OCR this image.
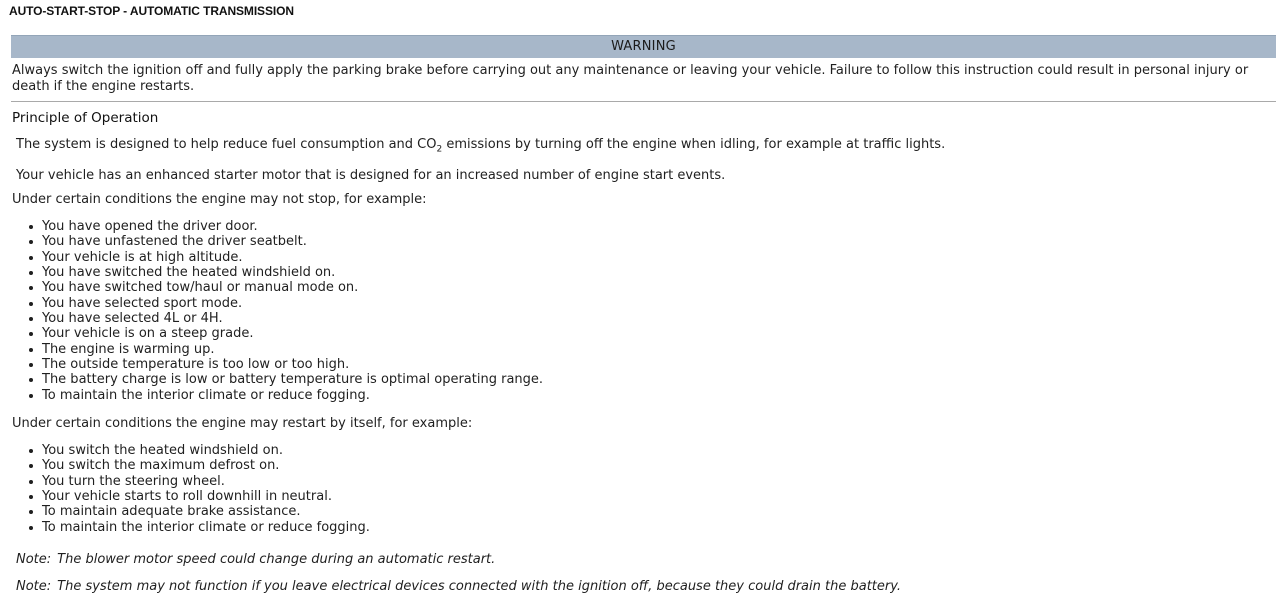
AUTO-START-STOP - AUTOMATIC TRANSMISSION
WARNING
Always switch the ignition off and fully apply the parking brake before carrying out any maintenance or leaving your vehicle. Failure to follow this instruction could result in personal injury or death if the engine restarts.
Principle of Operation
The system is designed to help reduce fuel consumption and $CO_2$ emissions by turning off the engine when idling, for example at traffic lights.
Your vehicle has an enhanced starter motor that is designed for an increased number of engine start events.
Under certain conditions the engine may not stop, for example:
You have opened the driver door.
You have unfastened the driver seatbelt.
Your vehicle is at high altitude.
You have switched the heated windshield on.
You have switched tow/haul or manual mode on.
You have selected sport mode.
You have selected 4L or 4H.
Your vehicle is on a steep grade.
The engine is warming up.
The outside temperature is too low or too high.
The battery charge is low or battery temperature is optimal operating range.
To maintain the interior climate or reduce fogging.
Under certain conditions the engine may restart by itself, for example:
You switch the heated windshield on.
You switch the maximum defrost on.
You turn the steering wheel.
Your vehicle starts to roll downhill in neutral.
To maintain adequate brake assistance.
To maintain the interior climate or reduce fogging.
Note: The blower motor speed could change during an automatic restart.
Note: The system may not function if you leave electrical devices connected with the ignition off, because they could drain the battery.
